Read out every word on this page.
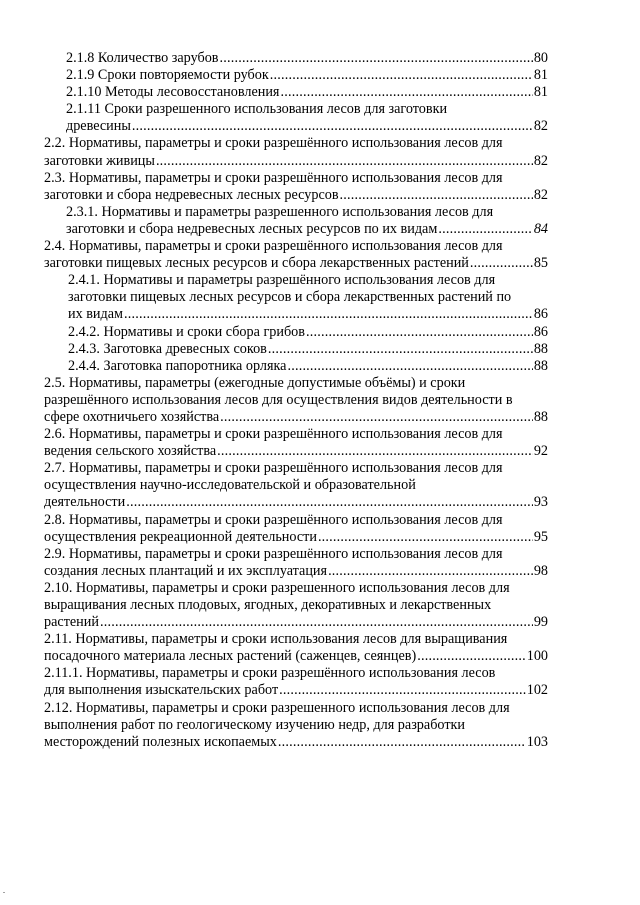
2.1.8 Количество зарубов .....	80
2.1.9 Сроки повторяемости рубок .....	81
2.1.10 Методы лесовосстановления .....	81
2.1.11 Сроки разрешенного использования лесов для заготовки
древесины .....	82
2.2. Нормативы, параметры и сроки разрешённого использования лесов для
заготовки живицы .....	82
2.3. Нормативы, параметры и сроки разрешённого использования лесов для
заготовки и сбора недревесных лесных ресурсов .....	82
2.3.1. Нормативы и параметры разрешенного использования лесов для
заготовки и сбора недревесных лесных ресурсов по их видам .....	84
2.4. Нормативы, параметры и сроки разрешённого использования лесов для
заготовки пищевых лесных ресурсов и сбора лекарственных растений .....	85
2.4.1. Нормативы и параметры разрешённого использования лесов для
заготовки пищевых лесных ресурсов и сбора лекарственных растений по
их видам .....	86
2.4.2. Нормативы и сроки сбора грибов .....	86
2.4.3. Заготовка древесных соков .....	88
2.4.4. Заготовка папоротника орляка .....	88
2.5. Нормативы, параметры (ежегодные допустимые объёмы) и сроки
разрешённого использования лесов для осуществления видов деятельности в
сфере охотничьего хозяйства .....	88
2.6. Нормативы, параметры и сроки разрешённого использования лесов для
ведения сельского хозяйства .....	92
2.7. Нормативы, параметры и сроки разрешённого использования лесов для
осуществления научно-исследовательской и образовательной
деятельности .....	93
2.8. Нормативы, параметры и сроки разрешённого использования лесов для
осуществления рекреационной деятельности .....	95
2.9. Нормативы, параметры и сроки разрешённого использования лесов для
создания лесных плантаций и их эксплуатация .....	98
2.10. Нормативы, параметры и сроки разрешенного использования лесов для
выращивания лесных плодовых, ягодных, декоративных и лекарственных
растений .....	99
2.11. Нормативы, параметры и сроки использования лесов для выращивания
посадочного материала лесных растений (саженцев, сеянцев) .....	100
2.11.1. Нормативы, параметры и сроки разрешённого использования лесов
для выполнения изыскательских работ .....	102
2.12. Нормативы, параметры и сроки разрешенного использования лесов для
выполнения работ по геологическому изучению недр, для разработки
месторождений полезных ископаемых .....	103
.
